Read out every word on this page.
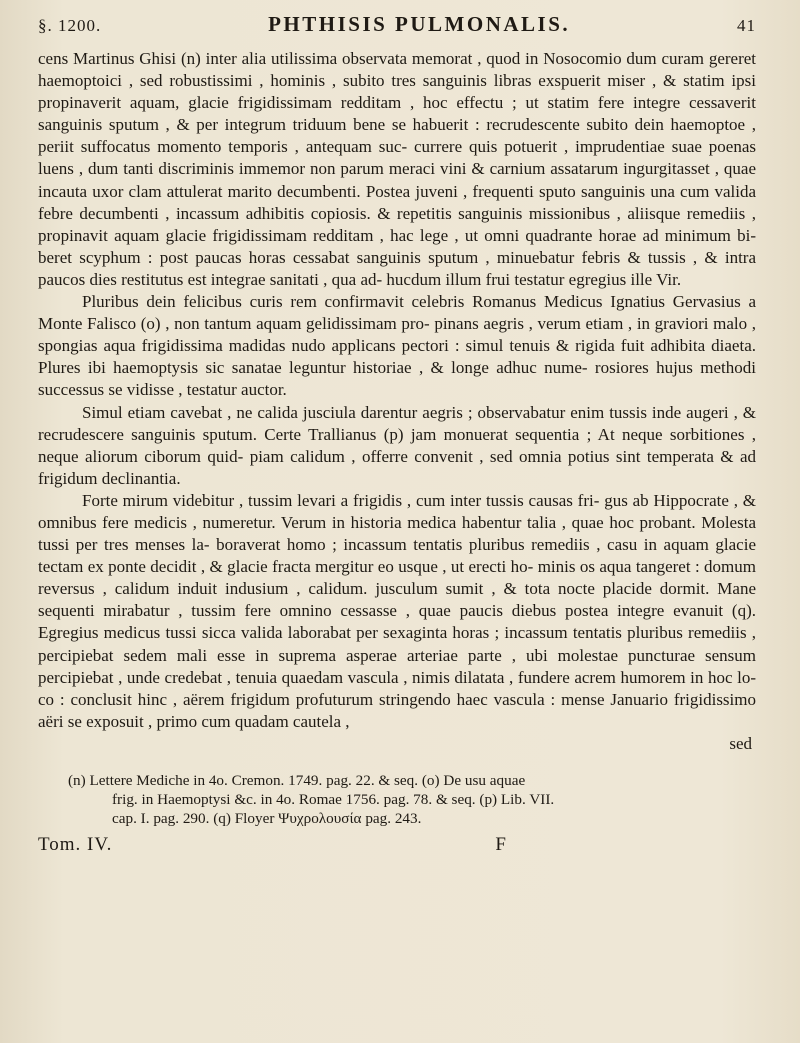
§. 1200.	PHTHISIS PULMONALIS.	41

cens Martinus Ghisi (n) inter alia utilissima observata memorat , quod in Nosocomio dum curam gereret haemoptoici , sed robustissimi , hominis , subito tres sanguinis libras exspuerit miser , & statim ipsi propinaverit aquam, glacie frigidissimam redditam , hoc effectu ; ut statim fere integre cessaverit sanguinis sputum , & per integrum triduum bene se habuerit : recrudescente subito dein haemoptoe , periit suffocatus momento temporis , antequam suc- currere quis potuerit , imprudentiae suae poenas luens , dum tanti discriminis immemor non parum meraci vini & carnium assatarum ingurgitasset , quae incauta uxor clam attulerat marito decumbenti. Postea juveni , frequenti sputo sanguinis una cum valida febre decumbenti , incassum adhibitis copiosis. & repetitis sanguinis missionibus , aliisque remediis , propinavit aquam glacie frigidissimam redditam , hac lege , ut omni quadrante horae ad minimum bi- beret scyphum : post paucas horas cessabat sanguinis sputum , minuebatur febris & tussis , & intra paucos dies restitutus est integrae sanitati , qua ad- hucdum illum frui testatur egregius ille Vir.

Pluribus dein felicibus curis rem confirmavit celebris Romanus Medicus Ignatius Gervasius a Monte Falisco (o) , non tantum aquam gelidissimam pro- pinans aegris , verum etiam , in graviori malo , spongias aqua frigidissima madidas nudo applicans pectori : simul tenuis & rigida fuit adhibita diaeta. Plures ibi haemoptysis sic sanatae leguntur historiae , & longe adhuc nume- rosiores hujus methodi successus se vidisse , testatur auctor.

Simul etiam cavebat , ne calida jusciula darentur aegris ; observabatur enim tussis inde augeri , & recrudescere sanguinis sputum. Certe Trallianus (p) jam monuerat sequentia ; At neque sorbitiones , neque aliorum ciborum quid- piam calidum , offerre convenit , sed omnia potius sint temperata & ad frigidum declinantia.

Forte mirum videbitur , tussim levari a frigidis , cum inter tussis causas fri- gus ab Hippocrate , & omnibus fere medicis , numeretur. Verum in historia medica habentur talia , quae hoc probant. Molesta tussi per tres menses la- boraverat homo ; incassum tentatis pluribus remediis , casu in aquam glacie tectam ex ponte decidit , & glacie fracta mergitur eo usque , ut erecti ho- minis os aqua tangeret : domum reversus , calidum induit indusium , calidum. jusculum sumit , & tota nocte placide dormit. Mane sequenti mirabatur , tussim fere omnino cessasse , quae paucis diebus postea integre evanuit (q). Egregius medicus tussi sicca valida laborabat per sexaginta horas ; incassum tentatis pluribus remediis , percipiebat sedem mali esse in suprema asperae arteriae parte , ubi molestae puncturae sensum percipiebat , unde credebat , tenuia quaedam vascula , nimis dilatata , fundere acrem humorem in hoc lo- co : conclusit hinc , aërem frigidum profuturum stringendo haec vascula : mense Januario frigidissimo aëri se exposuit , primo cum quadam cautela ,

sed

(n) Lettere Mediche in 4o. Cremon. 1749. pag. 22. & seq. (o) De usu aquae

frig. in Haemoptysi &c. in 4o. Romae 1756. pag. 78. & seq. (p) Lib. VII.

cap. I. pag. 290. (q) Floyer Ψυχρολουσία pag. 243.

Tom. IV.	F
